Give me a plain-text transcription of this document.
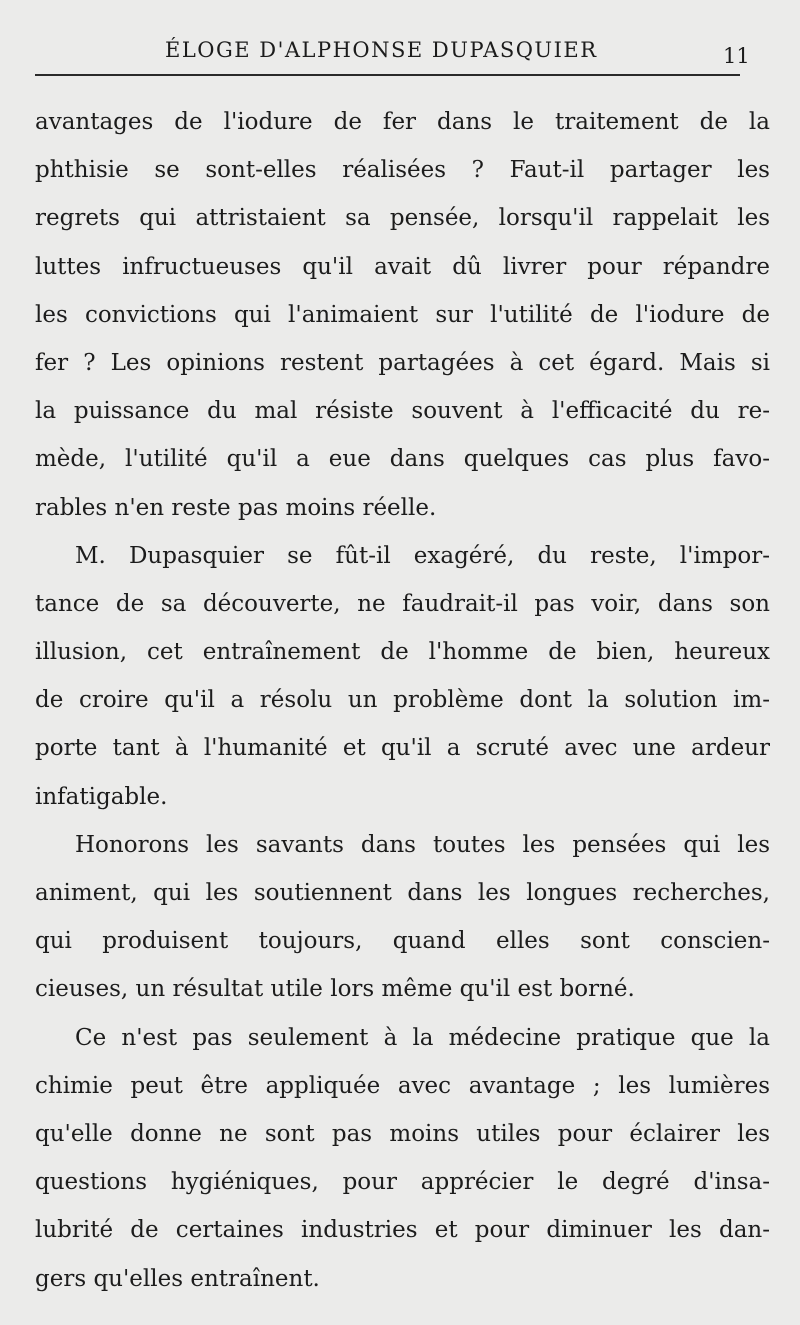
ÉLOGE D'ALPHONSE DUPASQUIER	11
avantages de l'iodure de fer dans le traitement de la
phthisie se sont-elles réalisées ? Faut-il partager les
regrets qui attristaient sa pensée, lorsqu'il rappelait les
luttes infructueuses qu'il avait dû livrer pour répandre
les convictions qui l'animaient sur l'utilité de l'iodure de
fer ? Les opinions restent partagées à cet égard. Mais si
la puissance du mal résiste souvent à l'efficacité du re-
mède, l'utilité qu'il a eue dans quelques cas plus favo-
rables n'en reste pas moins réelle.
M. Dupasquier se fût-il exagéré, du reste, l'impor-
tance de sa découverte, ne faudrait-il pas voir, dans son
illusion, cet entraînement de l'homme de bien, heureux
de croire qu'il a résolu un problème dont la solution im-
porte tant à l'humanité et qu'il a scruté avec une ardeur
infatigable.
Honorons les savants dans toutes les pensées qui les
animent, qui les soutiennent dans les longues recherches,
qui produisent toujours, quand elles sont conscien-
cieuses, un résultat utile lors même qu'il est borné.
Ce n'est pas seulement à la médecine pratique que la
chimie peut être appliquée avec avantage ; les lumières
qu'elle donne ne sont pas moins utiles pour éclairer les
questions hygiéniques, pour apprécier le degré d'insa-
lubrité de certaines industries et pour diminuer les dan-
gers qu'elles entraînent.
